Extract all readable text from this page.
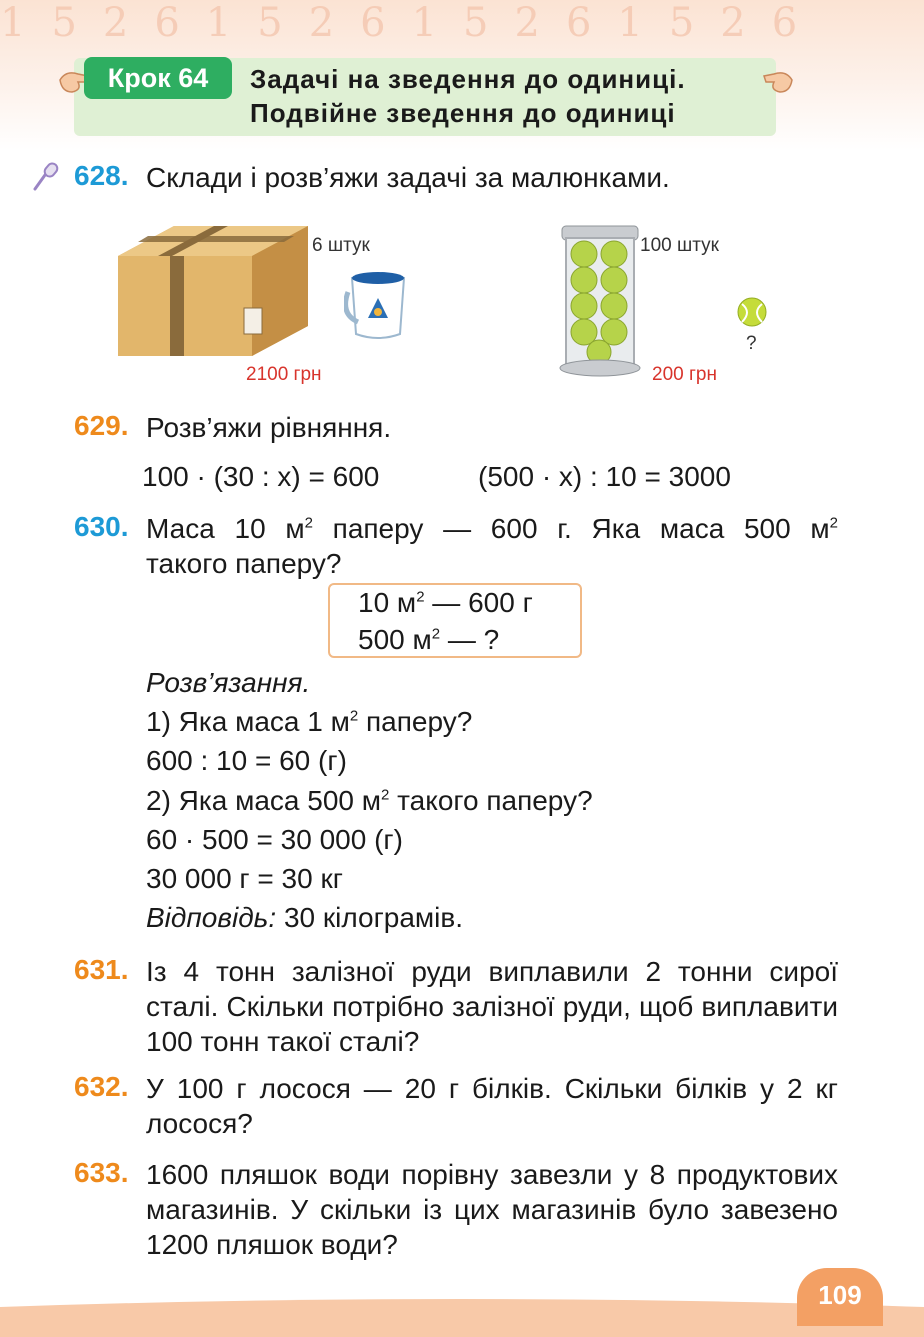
1526152615261526
Крок 64	Задачі на зведення до одиниці.
Подвійне зведення до одиниці
628. Склади і розв’яжи задачі за малюнками.
6 штук
2100 грн
100 штук
?
200 грн
629. Розв’яжи рівняння.
100 · (30 : x) = 600	(500 · x) : 10 = 3000
630. Маса 10 $м^2$ паперу — 600 г. Яка маса 500 $м^2$
такого паперу?
10 $м^2$ — 600 г
500 $м^2$ — ?
Розв’язання.
1) Яка маса 1 $м^2$ паперу?
600 : 10 = 60 (г)
2) Яка маса 500 $м^2$ такого паперу?
60 · 500 = 30 000 (г)
30 000 г = 30 кг
Відповідь: 30 кілограмів.
631. Із 4 тонн залізної руди виплавили 2 тонни сирої сталі. Скільки потрібно залізної руди, щоб виплавити 100 тонн такої сталі?
632. У 100 г лосося — 20 г білків. Скільки білків у 2 кг лосося?
633. 1600 пляшок води порівну завезли у 8 продуктових магазинів. У скільки із цих магазинів було завезено 1200 пляшок води?
109
